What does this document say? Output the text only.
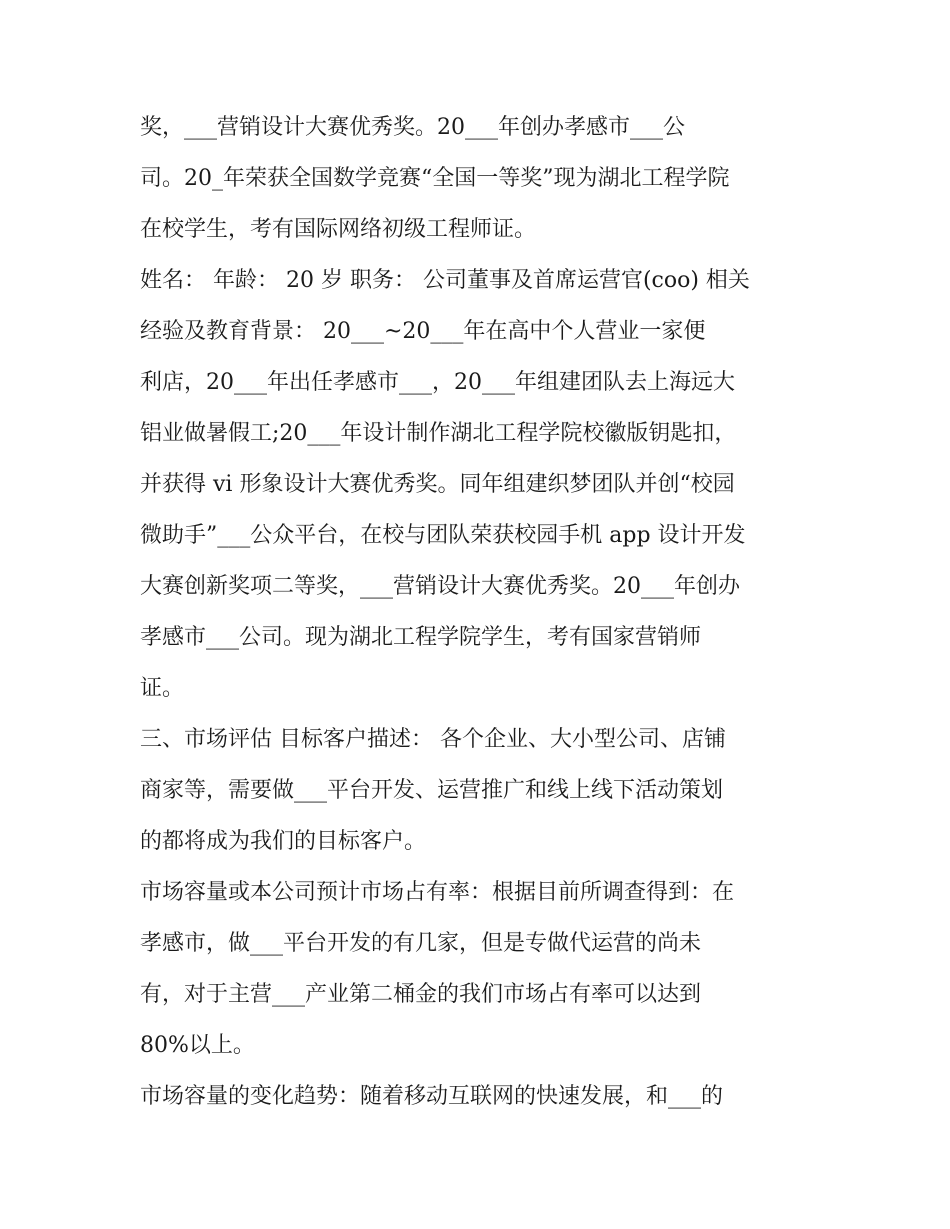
奖，___营销设计大赛优秀奖。20___年创办孝感市___公
司。20_年荣获全国数学竞赛“全国一等奖”现为湖北工程学院
在校学生，考有国际网络初级工程师证。
姓名： 年龄： 20 岁 职务： 公司董事及首席运营官(coo) 相关
经验及教育背景： 20___~20___年在高中个人营业一家便
利店，20___年出任孝感市___，20___年组建团队去上海远大
铝业做暑假工;20___年设计制作湖北工程学院校徽版钥匙扣，
并获得 vi 形象设计大赛优秀奖。同年组建织梦团队并创“校园
微助手”___公众平台，在校与团队荣获校园手机 app 设计开发
大赛创新奖项二等奖，___营销设计大赛优秀奖。20___年创办
孝感市___公司。现为湖北工程学院学生，考有国家营销师
证。
三、市场评估 目标客户描述： 各个企业、大小型公司、店铺
商家等，需要做___平台开发、运营推广和线上线下活动策划
的都将成为我们的目标客户。
市场容量或本公司预计市场占有率：根据目前所调查得到：在
孝感市，做___平台开发的有几家，但是专做代运营的尚未
有，对于主营___产业第二桶金的我们市场占有率可以达到
80%以上。
市场容量的变化趋势：随着移动互联网的快速发展，和___的
